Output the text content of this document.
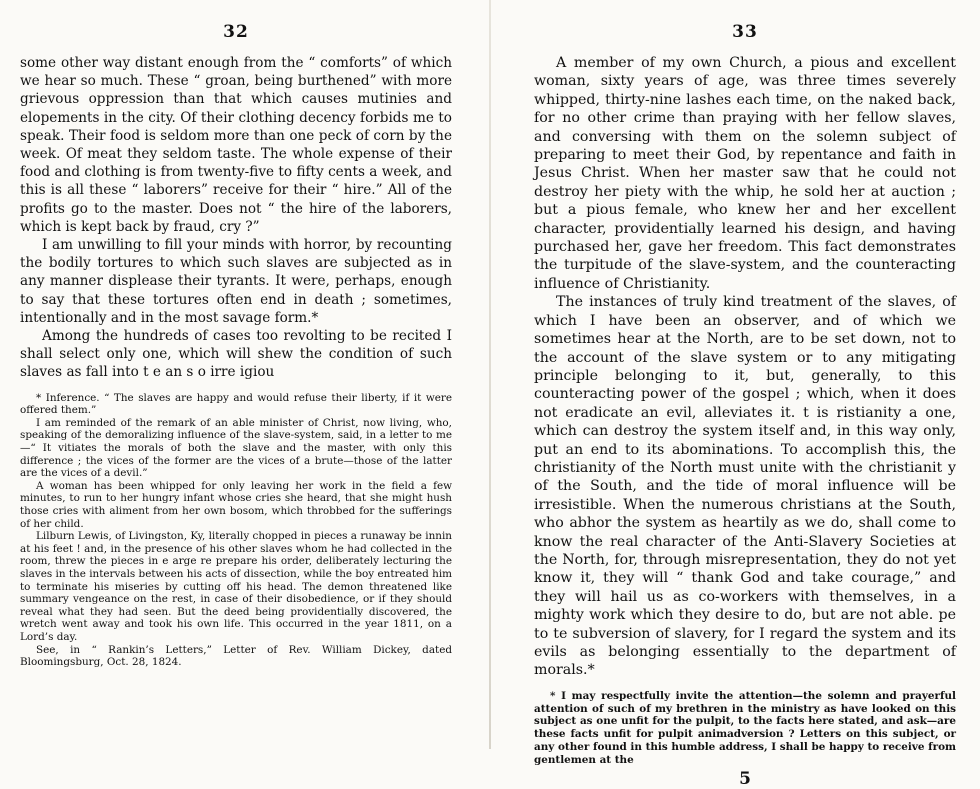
32

some other way distant enough from the “ comforts” of which we hear so much. These “ groan, being burthened” with more grievous oppression than that which causes mutinies and elopements in the city. Of their clothing decency forbids me to speak. Their food is seldom more than one peck of corn by the week. Of meat they seldom taste. The whole expense of their food and clothing is from twenty-five to fifty cents a week, and this is all these “ laborers” receive for their “ hire.” All of the profits go to the master. Does not “ the hire of the laborers, which is kept back by fraud, cry ?”

I am unwilling to fill your minds with horror, by recounting the bodily tortures to which such slaves are subjected as in any manner displease their tyrants. It were, perhaps, enough to say that these tortures often end in death ; sometimes, intentionally and in the most savage form.*

Among the hundreds of cases too revolting to be recited I shall select only one, which will shew the condition of such slaves as fall into t e an s o irre igiou

* Inference. “ The slaves are happy and would refuse their liberty, if it were offered them.”

I am reminded of the remark of an able minister of Christ, now living, who, speaking of the demoralizing influence of the slave-system, said, in a letter to me—“ It vitiates the morals of both the slave and the master, with only this difference ; the vices of the former are the vices of a brute—those of the latter are the vices of a devil.”

A woman has been whipped for only leaving her work in the field a few minutes, to run to her hungry infant whose cries she heard, that she might hush those cries with aliment from her own bosom, which throbbed for the sufferings of her child.

Lilburn Lewis, of Livingston, Ky, literally chopped in pieces a runaway be innin at his feet ! and, in the presence of his other slaves whom he had collected in the room, threw the pieces in e arge re prepare his order, deliberately lecturing the slaves in the intervals between his acts of dissection, while the boy entreated him to terminate his miseries by cutting off his head. The demon threatened like summary vengeance on the rest, in case of their disobedience, or if they should reveal what they had seen. But the deed being providentially discovered, the wretch went away and took his own life. This occurred in the year 1811, on a Lord’s day.

See, in “ Rankin’s Letters,” Letter of Rev. William Dickey, dated Bloomingsburg, Oct. 28, 1824.

33

A member of my own Church, a pious and excellent woman, sixty years of age, was three times severely whipped, thirty-nine lashes each time, on the naked back, for no other crime than praying with her fellow slaves, and conversing with them on the solemn subject of preparing to meet their God, by repentance and faith in Jesus Christ. When her master saw that he could not destroy her piety with the whip, he sold her at auction ; but a pious female, who knew her and her excellent character, providentially learned his design, and having purchased her, gave her freedom. This fact demonstrates the turpitude of the slave-system, and the counteracting influence of Christianity.

The instances of truly kind treatment of the slaves, of which I have been an observer, and of which we sometimes hear at the North, are to be set down, not to the account of the slave system or to any mitigating principle belonging to it, but, generally, to this counteracting power of the gospel ; which, when it does not eradicate an evil, alleviates it. t is ristianity a one, which can destroy the system itself and, in this way only, put an end to its abominations. To accomplish this, the christianity of the North must unite with the christianit y of the South, and the tide of moral influence will be irresistible. When the numerous christians at the South, who abhor the system as heartily as we do, shall come to know the real character of the Anti-Slavery Societies at the North, for, through misrepresentation, they do not yet know it, they will “ thank God and take courage,” and they will hail us as co-workers with themselves, in a mighty work which they desire to do, but are not able. pe to te subversion of slavery, for I regard the system and its evils as belonging essentially to the department of morals.*

* I may respectfully invite the attention—the solemn and prayerful attention of such of my brethren in the ministry as have looked on this subject as one unfit for the pulpit, to the facts here stated, and ask—are these facts unfit for pulpit animadversion ? Letters on this subject, or any other found in this humble address, I shall be happy to receive from gentlemen at the

5
